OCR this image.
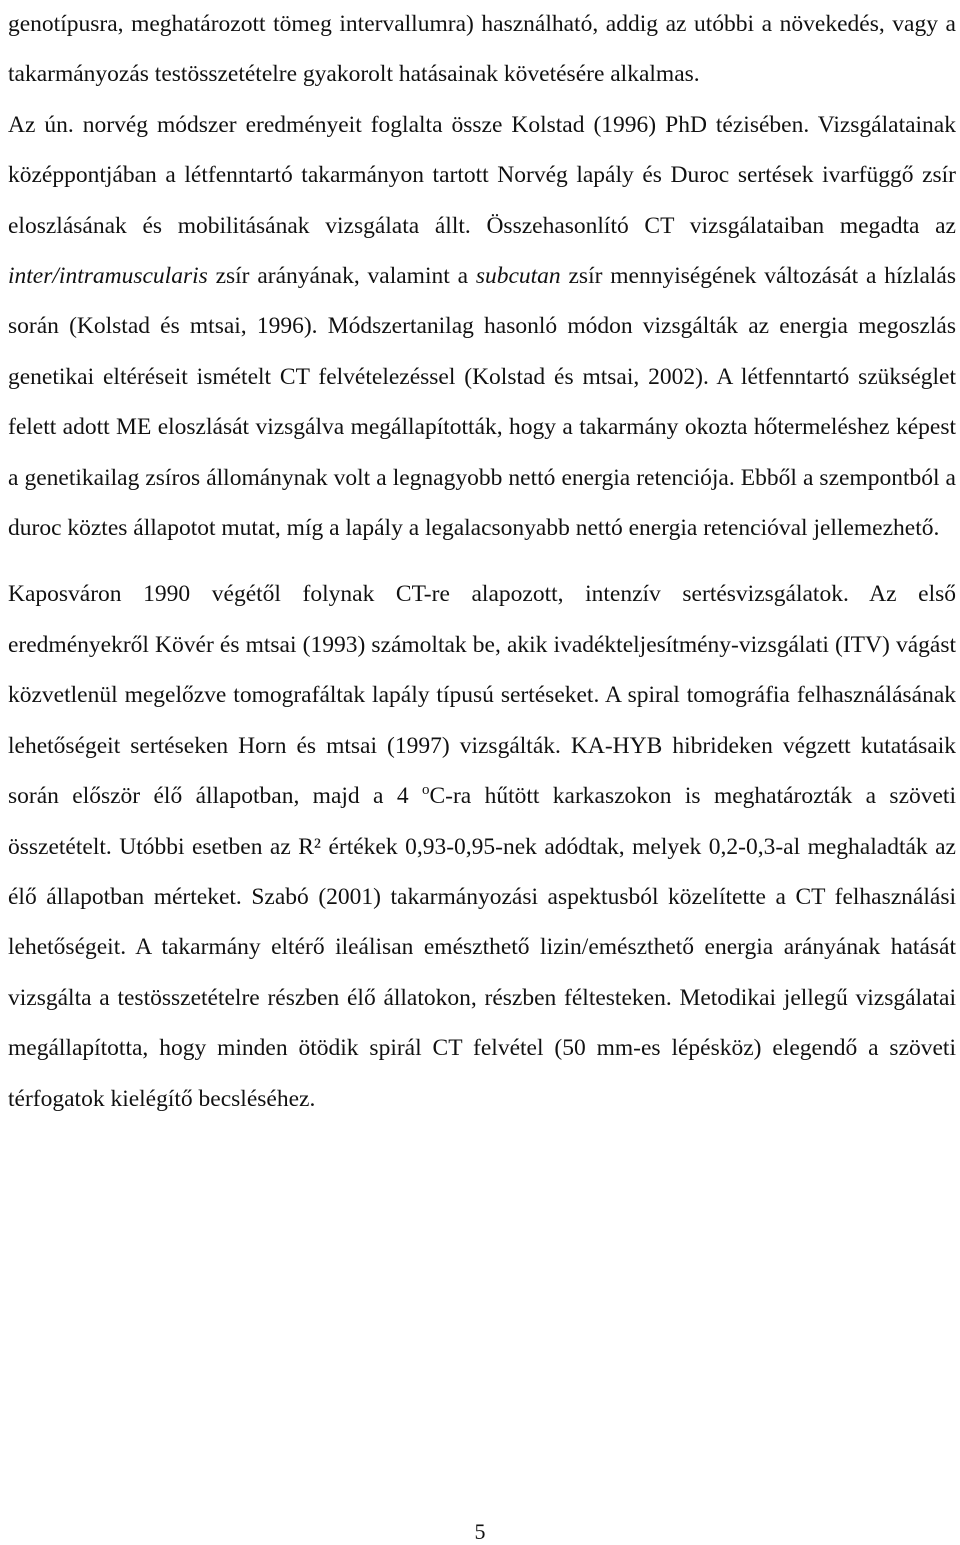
genotípusra, meghatározott tömeg intervallumra) használható, addig az utóbbi a növekedés, vagy a takarmányozás testösszetételre gyakorolt hatásainak követésére alkalmas.

Az ún. norvég módszer eredményeit foglalta össze Kolstad (1996) PhD tézisében. Vizsgálatainak középpontjában a létfenntartó takarmányon tartott Norvég lapály és Duroc sertések ivarfüggő zsír eloszlásának és mobilitásának vizsgálata állt. Összehasonlító CT vizsgálataiban megadta az inter/intramuscularis zsír arányának, valamint a subcutan zsír mennyiségének változását a hízlalás során (Kolstad és mtsai, 1996). Módszertanilag hasonló módon vizsgálták az energia megoszlás genetikai eltéréseit ismételt CT felvételezéssel (Kolstad és mtsai, 2002). A létfenntartó szükséglet felett adott ME eloszlását vizsgálva megállapították, hogy a takarmány okozta hőtermeléshez képest a genetikailag zsíros állománynak volt a legnagyobb nettó energia retenciója. Ebből a szempontból a duroc köztes állapotot mutat, míg a lapály a legalacsonyabb nettó energia retencióval jellemezhető.

Kaposváron 1990 végétől folynak CT-re alapozott, intenzív sertésvizsgálatok. Az első eredményekről Kövér és mtsai (1993) számoltak be, akik ivadékteljesítmény-vizsgálati (ITV) vágást közvetlenül megelőzve tomografáltak lapály típusú sertéseket. A spiral tomográfia felhasználásának lehetőségeit sertéseken Horn és mtsai (1997) vizsgálták. KA-HYB hibrideken végzett kutatásaik során először élő állapotban, majd a 4 $^o$C-ra hűtött karkaszokon is meghatározták a szöveti összetételt. Utóbbi esetben az R² értékek 0,93-0,95-nek adódtak, melyek 0,2-0,3-al meghaladták az élő állapotban mérteket. Szabó (2001) takarmányozási aspektusból közelítette a CT felhasználási lehetőségeit. A takarmány eltérő ileálisan emészthető lizin/emészthető energia arányának hatását vizsgálta a testösszetételre részben élő állatokon, részben féltesteken. Metodikai jellegű vizsgálatai megállapította, hogy minden ötödik spirál CT felvétel (50 mm-es lépésköz) elegendő a szöveti térfogatok kielégítő becsléséhez.

5
